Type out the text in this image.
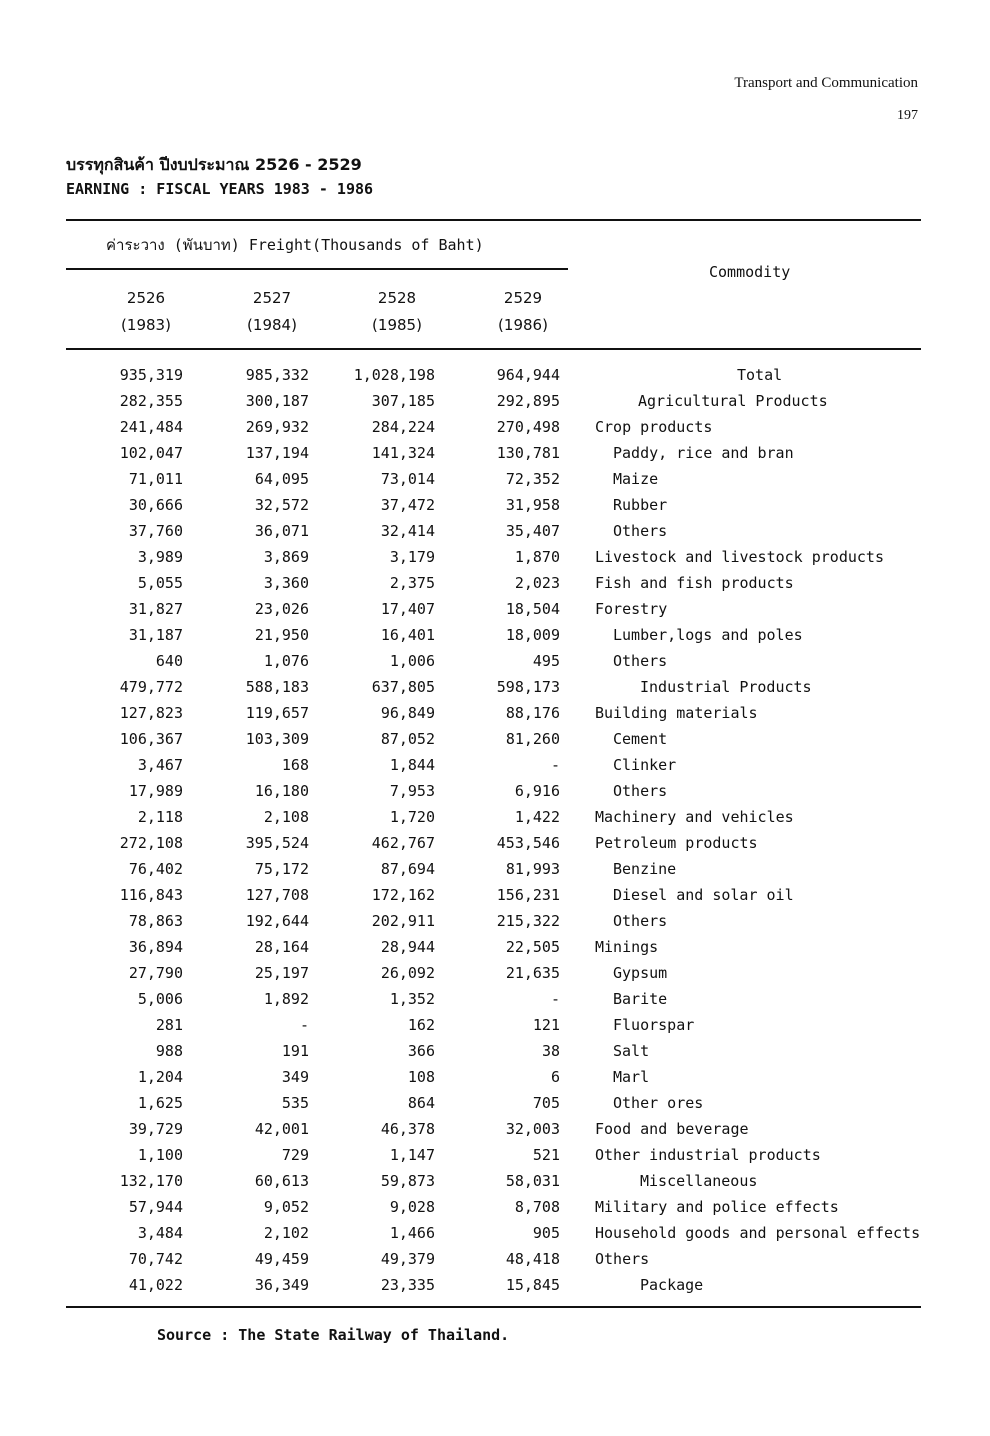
Transport and Communication
197
บรรทุกสินค้า ปีงบประมาณ 2526 - 2529
EARNING : FISCAL YEARS 1983 - 1986
ค่าระวาง (พันบาท) Freight(Thousands of Baht)
Commodity
2526
(1983)
2527
(1984)
2528
(1985)
2529
(1986)
935,319	985,332	1,028,198	964,944	Total
282,355	300,187	307,185	292,895	Agricultural Products
241,484	269,932	284,224	270,498 Crop products
102,047	137,194	141,324	130,781	Paddy, rice and bran
71,011	64,095	73,014	72,352	Maize
30,666	32,572	37,472	31,958	Rubber
37,760	36,071	32,414	35,407	Others
3,989	3,869	3,179	1,870 Livestock and livestock products
5,055	3,360	2,375	2,023 Fish and fish products
31,827	23,026	17,407	18,504 Forestry
31,187	21,950	16,401	18,009	Lumber,logs and poles
640	1,076	1,006	495	Others
479,772	588,183	637,805	598,173	Industrial Products
127,823	119,657	96,849	88,176 Building materials
106,367	103,309	87,052	81,260	Cement
3,467	168	1,844	-	Clinker
17,989	16,180	7,953	6,916	Others
2,118	2,108	1,720	1,422 Machinery and vehicles
272,108	395,524	462,767	453,546 Petroleum products
76,402	75,172	87,694	81,993	Benzine
116,843	127,708	172,162	156,231	Diesel and solar oil
78,863	192,644	202,911	215,322	Others
36,894	28,164	28,944	22,505 Minings
27,790	25,197	26,092	21,635	Gypsum
5,006	1,892	1,352	-	Barite
281	-	162	121	Fluorspar
988	191	366	38	Salt
1,204	349	108	6	Marl
1,625	535	864	705	Other ores
39,729	42,001	46,378	32,003 Food and beverage
1,100	729	1,147	521 Other industrial products
132,170	60,613	59,873	58,031	Miscellaneous
57,944	9,052	9,028	8,708 Military and police effects
3,484	2,102	1,466	905 Household goods and personal effects
70,742	49,459	49,379	48,418 Others
41,022	36,349	23,335	15,845	Package
Source : The State Railway of Thailand.
